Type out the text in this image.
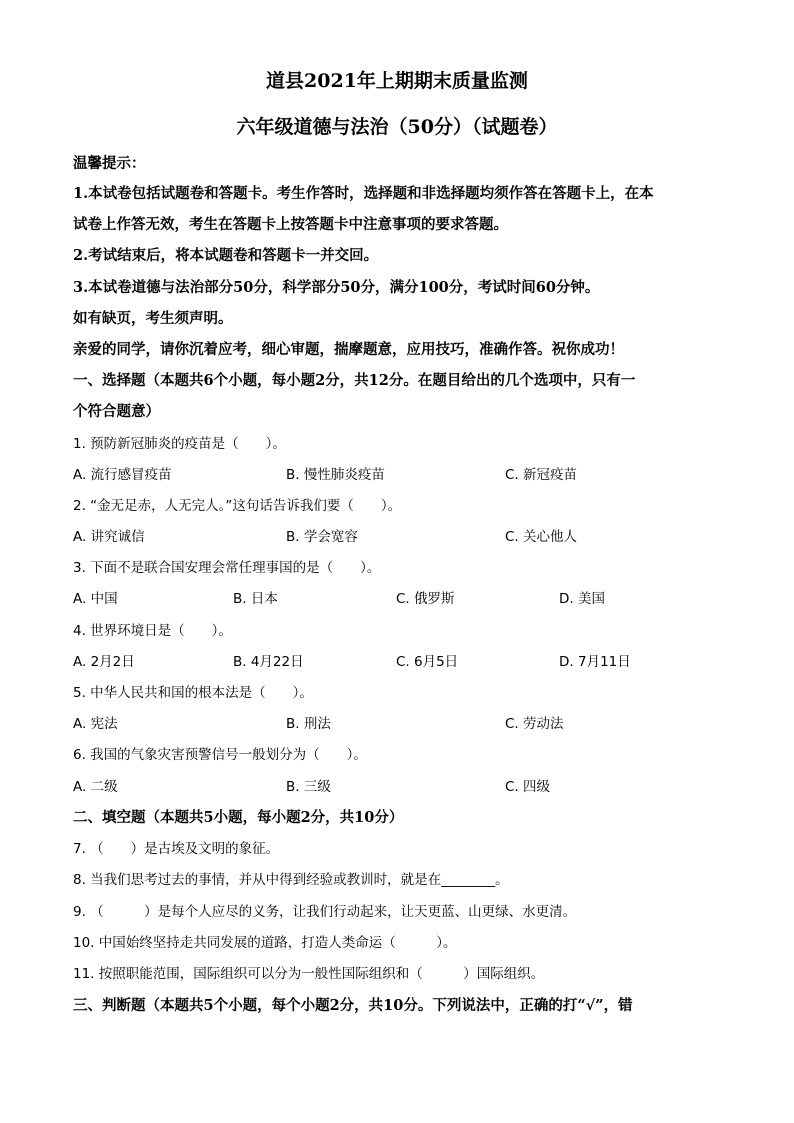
道县2021年上期期末质量监测
六年级道德与法治（50分）（试题卷）
温馨提示：
1.本试卷包括试题卷和答题卡。考生作答时，选择题和非选择题均须作答在答题卡上，在本
试卷上作答无效，考生在答题卡上按答题卡中注意事项的要求答题。
2.考试结束后，将本试题卷和答题卡一并交回。
3.本试卷道德与法治部分50分，科学部分50分，满分100分，考试时间60分钟。
如有缺页，考生须声明。
亲爱的同学，请你沉着应考，细心审题，揣摩题意，应用技巧，准确作答。祝你成功！
一、选择题（本题共6个小题，每小题2分，共12分。在题目给出的几个选项中，只有一
个符合题意）
1. 预防新冠肺炎的疫苗是（　　）。
A. 流行感冒疫苗	B. 慢性肺炎疫苗	C. 新冠疫苗
2. “金无足赤，人无完人。”这句话告诉我们要（　　）。
A. 讲究诚信	B. 学会宽容	C. 关心他人
3. 下面不是联合国安理会常任理事国的是（　　）。
A. 中国	B. 日本	C. 俄罗斯	D. 美国
4. 世界环境日是（　　）。
A. 2月2日	B. 4月22日	C. 6月5日	D. 7月11日
5. 中华人民共和国的根本法是（　　）。
A. 宪法	B. 刑法	C. 劳动法
6. 我国的气象灾害预警信号一般划分为（　　）。
A. 二级	B. 三级	C. 四级
二、填空题（本题共5小题，每小题2分，共10分）
7. （　　）是古埃及文明的象征。
8. 当我们思考过去的事情，并从中得到经验或教训时，就是在________。
9. （　　　）是每个人应尽的义务，让我们行动起来，让天更蓝、山更绿、水更清。
10. 中国始终坚持走共同发展的道路，打造人类命运（　　　）。
11. 按照职能范围，国际组织可以分为一般性国际组织和（　　　）国际组织。
三、判断题（本题共5个小题，每个小题2分，共10分。下列说法中，正确的打“√”，错
